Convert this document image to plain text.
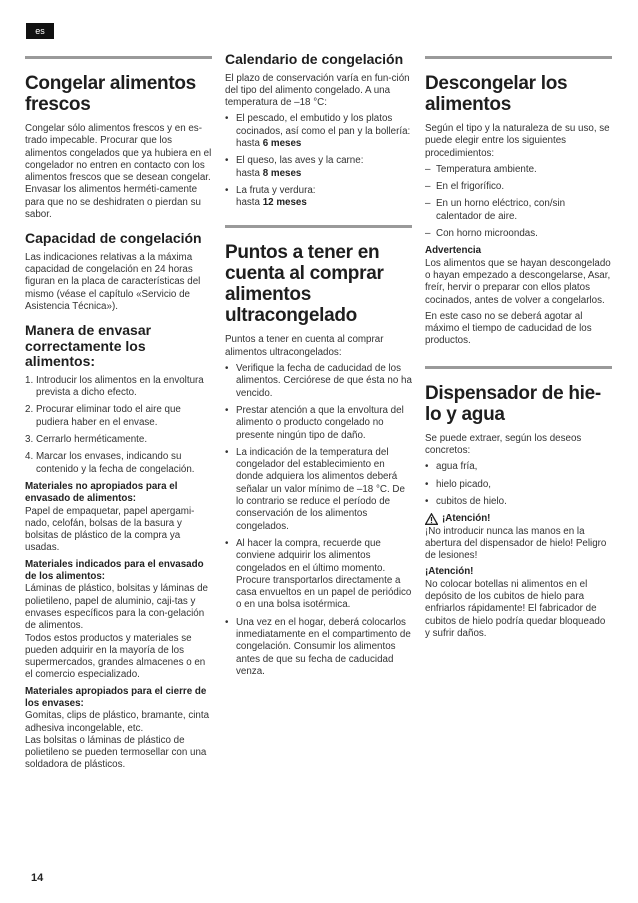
es
Congelar alimentos frescos

Congelar sólo alimentos frescos y en es-trado impecable. Procurar que los alimentos congelados que ya hubiera en el congelador no entren en contacto con los alimentos frescos que se desean congelar. Envasar los alimentos herméti-camente para que no se deshidraten o pierdan su sabor.

Capacidad de congelación

Las indicaciones relativas a la máxima capacidad de congelación en 24 horas figuran en la placa de características del mismo (véase el capítulo «Servicio de Asistencia Técnica»).

Manera de envasar correctamente los alimentos:
1. Introducir los alimentos en la envoltura prevista a dicho efecto.
2. Procurar eliminar todo el aire que pudiera haber en el envase.
3. Cerrarlo herméticamente.
4. Marcar los envases, indicando su contenido y la fecha de congelación.
Materiales no apropiados para el envasado de alimentos:

Papel de empaquetar, papel apergami-nado, celofán, bolsas de la basura y bolsitas de plástico de la compra ya usadas.

Materiales indicados para el envasado de los alimentos:

Láminas de plástico, bolsitas y láminas de polietileno, papel de aluminio, caji-tas y envases específicos para la con-gelación de alimentos.

Todos estos productos y materiales se pueden adquirir en la mayoría de los supermercados, grandes almacenes o en el comercio especializado.

Materiales apropiados para el cierre de los envases:

Gomitas, clips de plástico, bramante, cinta adhesiva incongelable, etc.

Las bolsitas o láminas de plástico de polietileno se pueden termosellar con una soldadora de plásticos.

Calendario de congelación

El plazo de conservación varía en fun-ción del tipo del alimento congelado. A una temperatura de –18 °C:

• El pescado, el embutido y los platos cocinados, así como el pan y la bollería:
hasta 6 meses
• El queso, las aves y la carne:
hasta 8 meses
• La fruta y verdura:
hasta 12 meses
Puntos a tener en cuenta al comprar alimentos ultracongelado

Puntos a tener en cuenta al comprar alimentos ultracongelados:

• Verifique la fecha de caducidad de los alimentos. Cerciórese de que ésta no ha vencido.
• Prestar atención a que la envoltura del alimento o producto congelado no presente ningún tipo de daño.
• La indicación de la temperatura del congelador del establecimiento en donde adquiera los alimentos deberá señalar un valor mínimo de –18 °C. De lo contrario se reduce el período de conservación de los alimentos congelados.
• Al hacer la compra, recuerde que conviene adquirir los alimentos congelados en el último momento. Procure transportarlos directamente a casa envueltos en un papel de periódico o en una bolsa isotérmica.
• Una vez en el hogar, deberá colocarlos inmediatamente en el compartimento de congelación. Consumir los alimentos antes de que su fecha de caducidad venza.
Descongelar los alimentos

Según el tipo y la naturaleza de su uso, se puede elegir entre los siguientes procedimientos:

– Temperatura ambiente.
– En el frigorífico.
– En un horno eléctrico, con/sin calentador de aire.
– Con horno microondas.
Advertencia

Los alimentos que se hayan descongelado o hayan empezado a descongelarse, Asar, freír, hervir o preparar con ellos platos cocinados, antes de volver a congelarlos.

En este caso no se deberá agotar al máximo el tiempo de caducidad de los productos.

Dispensador de hie-lo y agua

Se puede extraer, según los deseos concretos:

• agua fría,
• hielo picado,
• cubitos de hielo.
¡Atención!

¡No introducir nunca las manos en la abertura del dispensador de hielo! Peligro de lesiones!

¡Atención!

No colocar botellas ni alimentos en el depósito de los cubitos de hielo para enfriarlos rápidamente! El fabricador de cubitos de hielo podría quedar bloqueado y sufrir daños.

14
